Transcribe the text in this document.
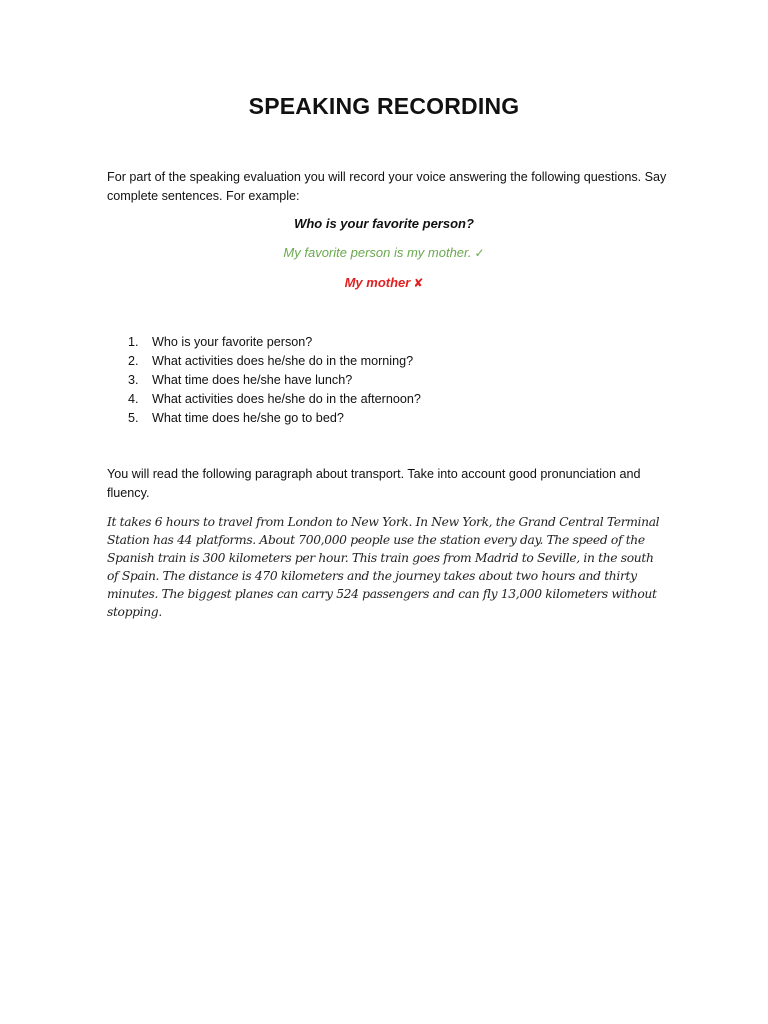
SPEAKING RECORDING
For part of the speaking evaluation you will record your voice answering the following questions. Say complete sentences. For example:
Who is your favorite person?
My favorite person is my mother. ✓
My mother ✘
1.	Who is your favorite person?
2.	What activities does he/she do in the morning?
3.	What time does he/she have lunch?
4.	What activities does he/she do in the afternoon?
5.	What time does he/she go to bed?
You will read the following paragraph about transport. Take into account good pronunciation and fluency.
It takes 6 hours to travel from London to New York. In New York, the Grand Central Terminal Station has 44 platforms. About 700,000 people use the station every day. The speed of the Spanish train is 300 kilometers per hour. This train goes from Madrid to Seville, in the south of Spain. The distance is 470 kilometers and the journey takes about two hours and thirty minutes. The biggest planes can carry 524 passengers and can fly 13,000 kilometers without stopping.
